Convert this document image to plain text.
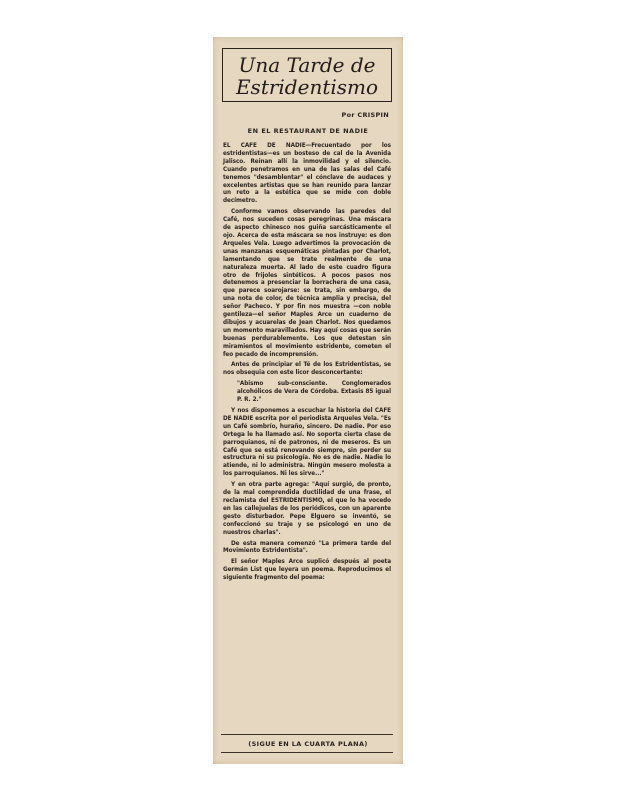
Una Tarde de
Estridentismo
Por CRISPIN
EN EL RESTAURANT DE NADIE

EL CAFE DE NADIE—Frecuentado por los estridentistas—es un bosteso de cal de la Avenida Jalisco. Reinan allí la inmovilidad y el silencio. Cuando penetramos en una de las salas del Café tenemos "desamblentar" el cónclave de audaces y excelentes artistas que se han reunido para lanzar un reto a la estética que se mide con doble decímetro.

Conforme vamos observando las paredes del Café, nos suceden cosas peregrinas. Una máscara de aspecto chinesco nos guiña sarcásticamente el ojo. Acerca de esta máscara se nos instruye: es don Arqueles Vela. Luego advertimos la provocación de unas manzanas esquemáticas pintadas por Charlot, lamentando que se trate realmente de una naturaleza muerta. Al lado de este cuadro figura otro de frijoles sintéticos. A pocos pasos nos detenemos a presenciar la borrachera de una casa, que parece soarojarse: se trata, sin embargo, de una nota de color, de técnica amplia y precisa, del señor Pacheco. Y por fin nos muestra —con noble gentileza—el señor Maples Arce un cuaderno de dibujos y acuarelas de Jean Charlot. Nos quedamos un momento maravillados. Hay aquí cosas que serán buenas perdurablemente. Los que detestan sin miramientos el movimiento estridente, cometen el feo pecado de incomprensión.

Antes de principiar el Té de los Estridentistas, se nos obsequia con este licor desconcertante:

"Abismo sub-consciente. Conglomerados alcohólicos de Vera de Córdoba. Extasis 85 igual P. R. 2."

Y nos disponemos a escuchar la historia del CAFE DE NADIE escrita por el periodista Arqueles Vela. "Es un Café sombrío, huraño, sincero. De nadie. Por eso Ortega le ha llamado así. No soporta cierta clase de parroquianos, ni de patronos, ni de meseros. Es un Café que se está renovando siempre, sin perder su estructura ni su psicología. No es de nadie. Nadie lo atiende, ni lo administra. Ningún mesero molesta a los parroquianos. Ni les sirve..."

Y en otra parte agrega: "Aquí surgió, de pronto, de la mal comprendida ductilidad de una frase, el reclamista del ESTRIDENTISMO, el que lo ha vocedo en las callejuelas de los periódicos, con un aparente gesto disturbador. Pepe Elguero se inventó, se confeccionó su traje y se psicologó en uno de nuestros charlas".

De esta manera comenzó "La primera tarde del Movimiento Estridentista".

El señor Maples Arce suplicó después al poeta Germán List que leyera un poema. Reproducimos el siguiente fragmento del poema:

(SIGUE EN LA CUARTA PLANA)
